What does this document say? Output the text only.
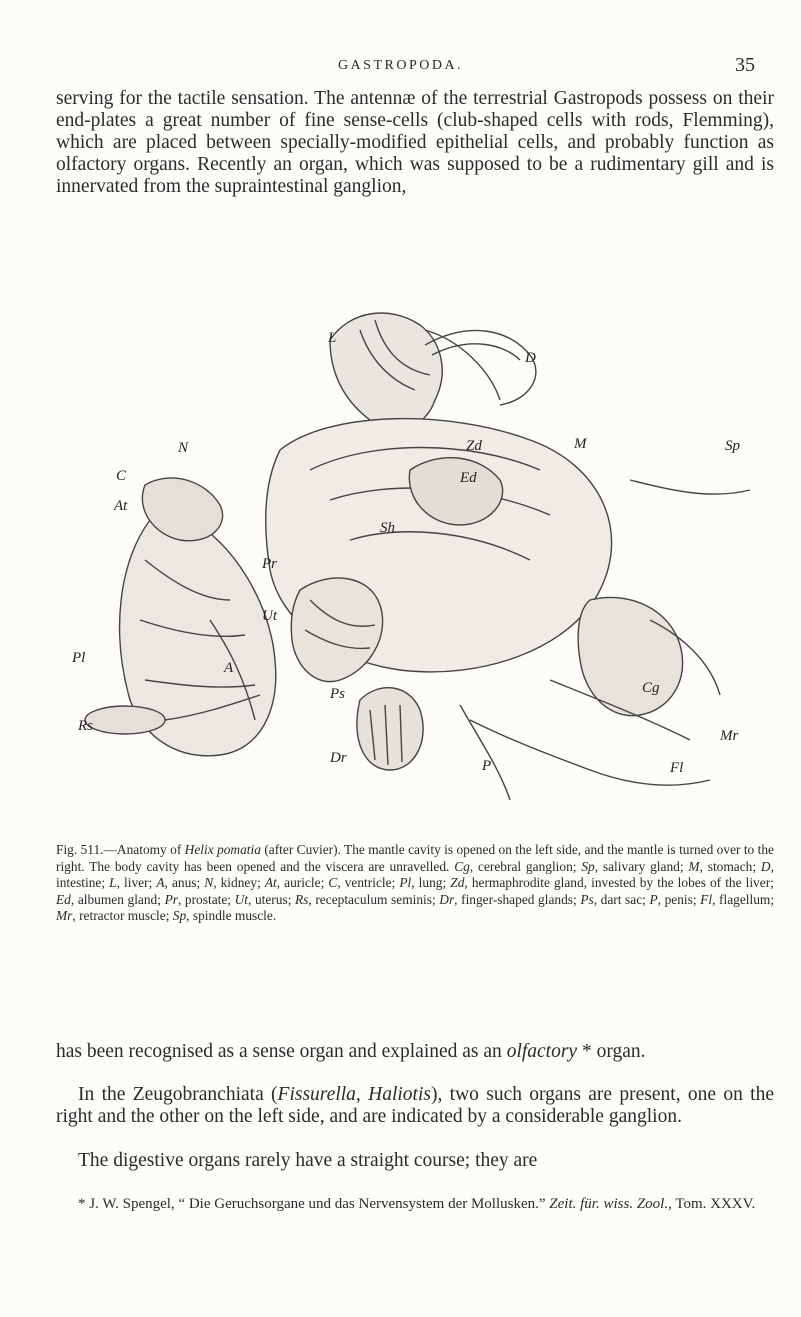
GASTROPODA.	35

serving for the tactile sensation. The antennæ of the terrestrial Gastropods possess on their end-plates a great number of fine sense-cells (club-shaped cells with rods, Flemming), which are placed between specially-modified epithelial cells, and probably function as olfactory organs. Recently an organ, which was supposed to be a rudimentary gill and is innervated from the supraintestinal ganglion,

L
D
N
C
At
Zd
Ed
M	Sp
Sh
Pr
Ut
Pl
A
Ps	Cg
Rs
Dr	P
Mr
Fl

Fig. 511.—Anatomy of Helix pomatia (after Cuvier). The mantle cavity is opened on the left side, and the mantle is turned over to the right. The body cavity has been opened and the viscera are unravelled. Cg, cerebral ganglion; Sp, salivary gland; M, stomach; D, intestine; L, liver; A, anus; N, kidney; At, auricle; C, ventricle; Pl, lung; Zd, hermaphrodite gland, invested by the lobes of the liver; Ed, albumen gland; Pr, prostate; Ut, uterus; Rs, receptaculum seminis; Dr, finger-shaped glands; Ps, dart sac; P, penis; Fl, flagellum; Mr, retractor muscle; Sp, spindle muscle.

has been recognised as a sense organ and explained as an olfactory * organ.

In the Zeugobranchiata (Fissurella, Haliotis), two such organs are present, one on the right and the other on the left side, and are indicated by a considerable ganglion.

The digestive organs rarely have a straight course; they are

* J. W. Spengel, “ Die Geruchsorgane und das Nervensystem der Mollusken.” Zeit. für. wiss. Zool., Tom. XXXV.
